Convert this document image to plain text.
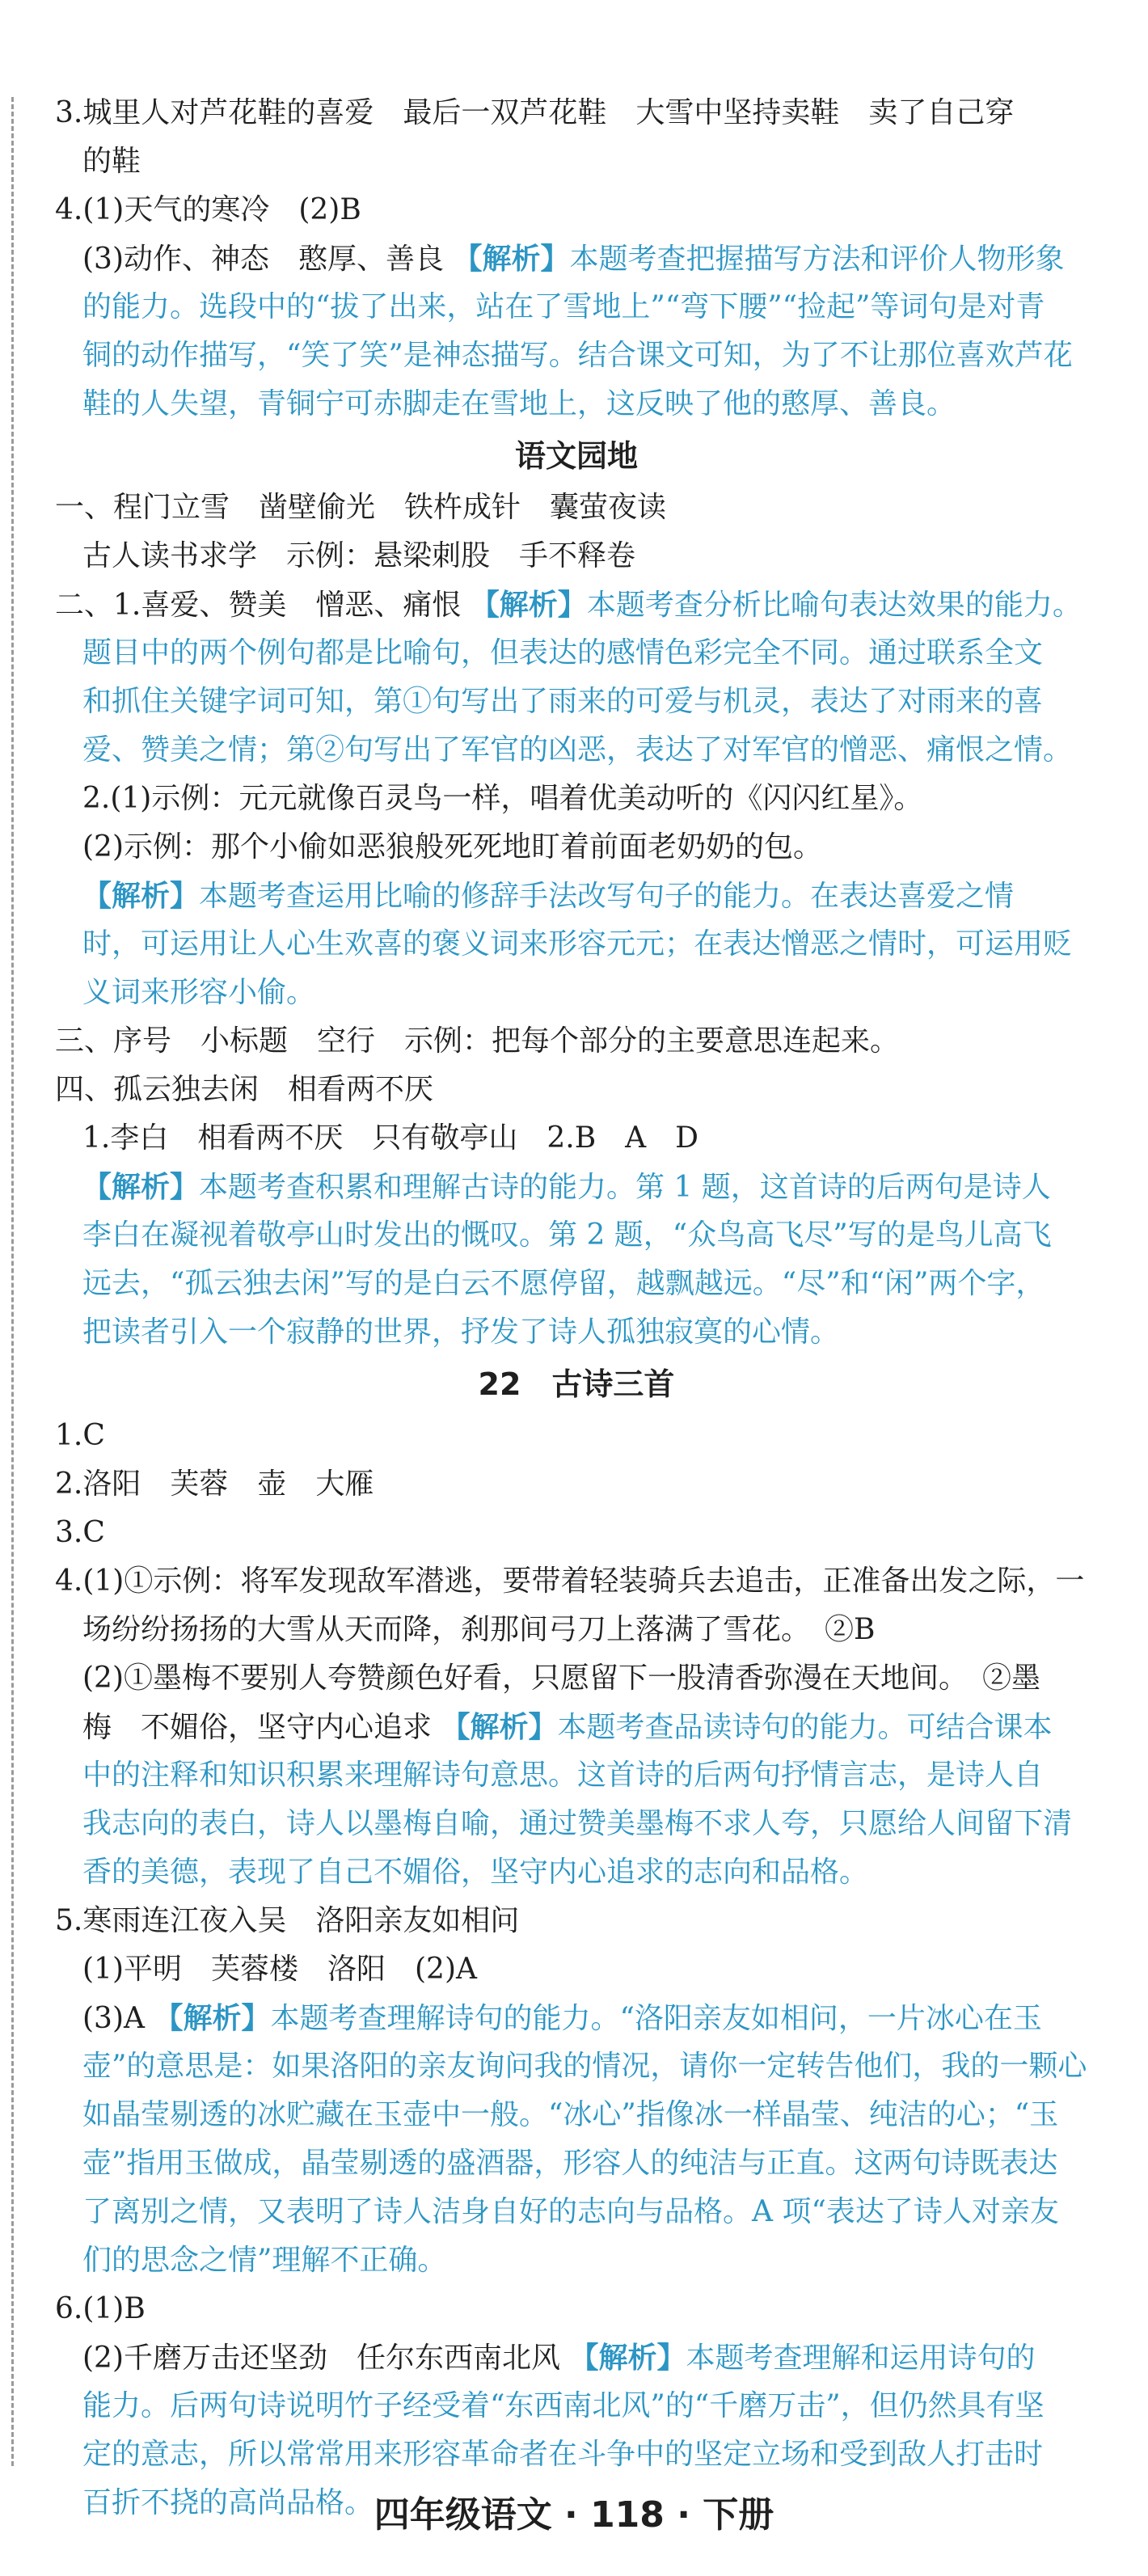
3.城里人对芦花鞋的喜爱　最后一双芦花鞋　大雪中坚持卖鞋　卖了自己穿
的鞋
4.(1)天气的寒冷　(2)B
(3)动作、神态　憨厚、善良 【解析】本题考查把握描写方法和评价人物形象
的能力。选段中的“拔了出来，站在了雪地上”“弯下腰”“捡起”等词句是对青
铜的动作描写，“笑了笑”是神态描写。结合课文可知，为了不让那位喜欢芦花
鞋的人失望，青铜宁可赤脚走在雪地上，这反映了他的憨厚、善良。
语文园地
一、程门立雪　凿壁偷光　铁杵成针　囊萤夜读
古人读书求学　示例：悬梁刺股　手不释卷
二、1.喜爱、赞美　憎恶、痛恨 【解析】本题考查分析比喻句表达效果的能力。
题目中的两个例句都是比喻句，但表达的感情色彩完全不同。通过联系全文
和抓住关键字词可知，第①句写出了雨来的可爱与机灵，表达了对雨来的喜
爱、赞美之情；第②句写出了军官的凶恶，表达了对军官的憎恶、痛恨之情。
2.(1)示例：元元就像百灵鸟一样，唱着优美动听的《闪闪红星》。
(2)示例：那个小偷如恶狼般死死地盯着前面老奶奶的包。
【解析】本题考查运用比喻的修辞手法改写句子的能力。在表达喜爱之情
时，可运用让人心生欢喜的褒义词来形容元元；在表达憎恶之情时，可运用贬
义词来形容小偷。
三、序号　小标题　空行　示例：把每个部分的主要意思连起来。
四、孤云独去闲　相看两不厌
1.李白　相看两不厌　只有敬亭山　2.B　A　D
【解析】本题考查积累和理解古诗的能力。第 1 题，这首诗的后两句是诗人
李白在凝视着敬亭山时发出的慨叹。第 2 题，“众鸟高飞尽”写的是鸟儿高飞
远去，“孤云独去闲”写的是白云不愿停留，越飘越远。“尽”和“闲”两个字，
把读者引入一个寂静的世界，抒发了诗人孤独寂寞的心情。
22　古诗三首
1.C
2.洛阳　芙蓉　壶　大雁
3.C
4.(1)①示例：将军发现敌军潜逃，要带着轻装骑兵去追击，正准备出发之际，一
场纷纷扬扬的大雪从天而降，刹那间弓刀上落满了雪花。　②B
(2)①墨梅不要别人夸赞颜色好看，只愿留下一股清香弥漫在天地间。　②墨
梅　不媚俗，坚守内心追求 【解析】本题考查品读诗句的能力。可结合课本
中的注释和知识积累来理解诗句意思。这首诗的后两句抒情言志，是诗人自
我志向的表白，诗人以墨梅自喻，通过赞美墨梅不求人夸，只愿给人间留下清
香的美德，表现了自己不媚俗，坚守内心追求的志向和品格。
5.寒雨连江夜入吴　洛阳亲友如相问
(1)平明　芙蓉楼　洛阳　(2)A
(3)A 【解析】本题考查理解诗句的能力。“洛阳亲友如相问，一片冰心在玉
壶”的意思是：如果洛阳的亲友询问我的情况，请你一定转告他们，我的一颗心
如晶莹剔透的冰贮藏在玉壶中一般。“冰心”指像冰一样晶莹、纯洁的心；“玉
壶”指用玉做成，晶莹剔透的盛酒器，形容人的纯洁与正直。这两句诗既表达
了离别之情，又表明了诗人洁身自好的志向与品格。A 项“表达了诗人对亲友
们的思念之情”理解不正确。
6.(1)B
(2)千磨万击还坚劲　任尔东西南北风 【解析】本题考查理解和运用诗句的
能力。后两句诗说明竹子经受着“东西南北风”的“千磨万击”，但仍然具有坚
定的意志，所以常常用来形容革命者在斗争中的坚定立场和受到敌人打击时
百折不挠的高尚品格。 四年级语文 · 118 · 下册
